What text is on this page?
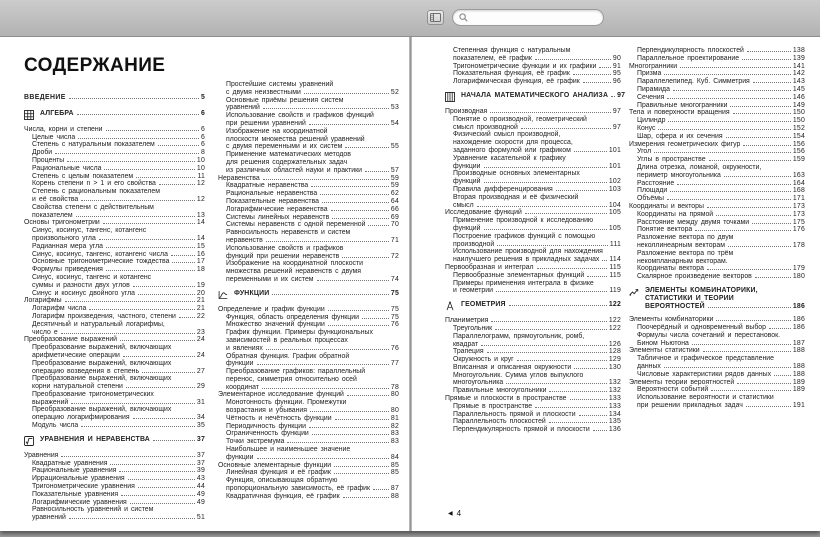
СОДЕРЖАНИЕ
ВВЕДЕНИЕ	5
АЛГЕБРА	6
Числа, корни и степени	6
Целые числа	6
Степень с натуральным показателем	6
Дроби	8
Проценты	10
Рациональные числа	10
Степень с целым показателем	11
Корень степени n > 1 и его свойства	12
Степень с рациональным показателем
и её свойства	12
Свойства степени с действительным
показателем	13
Основы тригонометрии	14
Синус, косинус, тангенс, котангенс
произвольного угла	14
Радианная мера угла	15
Синус, косинус, тангенс, котангенс числа	16
Основные тригонометрические тождества	17
Формулы приведения	18
Синус, косинус, тангенс и котангенс
суммы и разности двух углов	19
Синус и косинус двойного угла	20
Логарифмы	21
Логарифм числа	21
Логарифм произведения, частного, степени	22
Десятичный и натуральный логарифмы,
число е	23
Преобразование выражений	24
Преобразование выражений, включающих
арифметические операции	24
Преобразование выражений, включающих
операцию возведения в степень	27
Преобразование выражений, включающих
корни натуральной степени	29
Преобразование тригонометрических
выражений	31
Преобразование выражений, включающих
операцию логарифмирования	34
Модуль числа	35
УРАВНЕНИЯ И НЕРАВЕНСТВА	37
Уравнения	37
Квадратные уравнения	37
Рациональные уравнения	39
Иррациональные уравнения	43
Тригонометрические уравнения	44
Показательные уравнения	49
Логарифмические уравнения	49
Равносильность уравнений и систем
уравнений	51
Простейшие системы уравнений
с двумя неизвестными	52
Основные приёмы решения систем
уравнений	53
Использование свойств и графиков функций
при решении уравнений	54
Изображение на координатной
плоскости множества решений уравнений
с двумя переменными и их систем	55
Применение математических методов
для решения содержательных задач
из различных областей науки и практики	57
Неравенства	59
Квадратные неравенства	59
Рациональные неравенства	62
Показательные неравенства	64
Логарифмические неравенства	66
Системы линейных неравенств	69
Системы неравенств с одной переменной	70
Равносильность неравенств и систем
неравенств	71
Использование свойств и графиков
функций при решении неравенств	72
Изображение на координатной плоскости
множества решений неравенств с двумя
переменными и их систем	74
ФУНКЦИИ	75
Определение и график функции	75
Функция, область определения функции	75
Множество значений функции	76
График функции. Примеры функциональных
зависимостей в реальных процессах
и явлениях	76
Обратная функция. График обратной
функции	77
Преобразование графиков: параллельный
перенос, симметрия относительно осей
координат	78
Элементарное исследование функций	80
Монотонность функции. Промежутки
возрастания и убывания	80
Чётность и нечётность функции	81
Периодичность функции	82
Ограниченность функции	83
Точки экстремума	83
Наибольшее и наименьшее значение
функции	84
Основные элементарные функции	85
Линейная функция и её график	85
Функция, описывающая обратную
пропорциональную зависимость, её график	87
Квадратичная функция, её график	88
Степенная функция с натуральным
показателем, её график	90
Тригонометрические функции и их графики 91
Показательная функция, её график	95
Логарифмическая функция, её график	96
НАЧАЛА МАТЕМАТИЧЕСКОГО АНАЛИЗА 97
Производная	97
Понятие о производной, геометрический
смысл производной	97
Физический смысл производной,
нахождение скорости для процесса,
заданного формулой или графиком	101
Уравнение касательной к графику
функции	101
Производные основных элементарных
функций	102
Правила дифференцирования	103
Вторая производная и её физический
смысл	104
Исследование функций	105
Применение производной к исследованию
функций	105
Построение графиков функций с помощью
производной	111
Использование производной для нахождения
наилучшего решения в прикладных задачах 114
Первообразная и интеграл	115
Первообразные элементарных функций	115
Примеры применения интеграла в физике
и геометрии	119
ГЕОМЕТРИЯ	122
Планиметрия	122
Треугольник	122
Параллелограмм, прямоугольник, ромб,
квадрат	126
Трапеция	128
Окружность и круг	129
Вписанная и описанная окружности	130
Многоугольник. Сумма углов выпуклого
многоугольника	132
Правильные многоугольники	132
Прямые и плоскости в пространстве	133
Прямые в пространстве	133
Параллельность прямой и плоскости	134
Параллельность плоскостей	135
Перпендикулярность прямой и плоскости	136
Перпендикулярность плоскостей	138
Параллельное проектирование	139
Многогранники	141
Призма	142
Параллелепипед. Куб. Симметрия	143
Пирамида	145
Сечения	146
Правильные многогранники	149
Тела и поверхности вращения	150
Цилиндр	150
Конус	152
Шар, сфера и их сечения	154
Измерения геометрических фигур	156
Угол	156
Углы в пространстве	159
Длина отрезка, ломаной, окружности,
периметр многоугольника	163
Расстояние	164
Площади	168
Объёмы	171
Координаты и векторы	173
Координаты на прямой	173
Расстояние между двумя точками	175
Понятие вектора	176
Разложение вектора по двум
неколлинеарным векторам	178
Разложение вектора по трём
некомпланарным векторам.
Координаты вектора	179
Скалярное произведение векторов	180
ЭЛЕМЕНТЫ КОМБИНАТОРИКИ,
СТАТИСТИКИ И ТЕОРИИ
ВЕРОЯТНОСТЕЙ	186
Элементы комбинаторики	186
Поочерёдный и одновременный выбор	186
Формулы числа сочетаний и перестановок.
Бином Ньютона	187
Элементы статистики	188
Табличное и графическое представление
данных	188
Числовые характеристики рядов данных	188
Элементы теории вероятностей	189
Вероятности событий	189
Использование вероятности и статистики
при решении прикладных задач	191
◀ 4
